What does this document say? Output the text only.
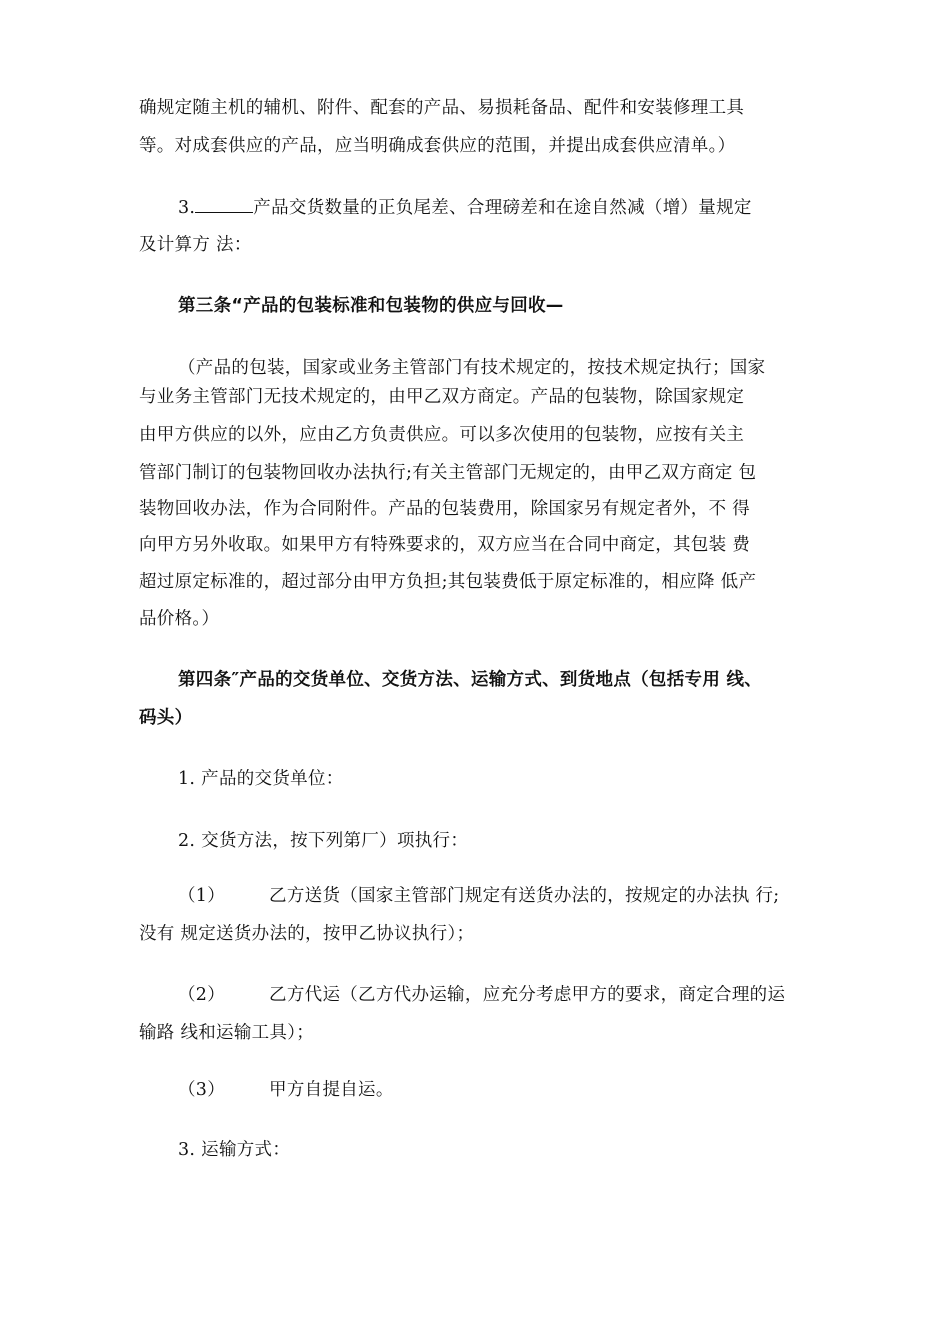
确规定随主机的辅机、附件、配套的产品、易损耗备品、配件和安装修理工具
等。对成套供应的产品，应当明确成套供应的范围，并提出成套供应清单。）
3.	产品交货数量的正负尾差、合理磅差和在途自然减（增）量规定
及计算方 法：
第三条“产品的包装标准和包装物的供应与回收—
（产品的包装，国家或业务主管部门有技术规定的，按技术规定执行；国家
与业务主管部门无技术规定的，由甲乙双方商定。产品的包装物，除国家规定
由甲方供应的以外，应由乙方负责供应。可以多次使用的包装物，应按有关主
管部门制订的包装物回收办法执行;有关主管部门无规定的，由甲乙双方商定 包
装物回收办法，作为合同附件。产品的包装费用，除国家另有规定者外，不 得
向甲方另外收取。如果甲方有特殊要求的，双方应当在合同中商定，其包装 费
超过原定标准的，超过部分由甲方负担;其包装费低于原定标准的，相应降 低产
品价格。）
第四条″产品的交货单位、交货方法、运输方式、到货地点（包括专用 线、
码头）
1. 产品的交货单位：
2. 交货方法，按下列第厂）项执行：
（1）	乙方送货（国家主管部门规定有送货办法的，按规定的办法执 行;
没有 规定送货办法的，按甲乙协议执行）；
（2）	乙方代运（乙方代办运输，应充分考虑甲方的要求，商定合理的运
输路 线和运输工具）；
（3）	甲方自提自运。
3. 运输方式：
